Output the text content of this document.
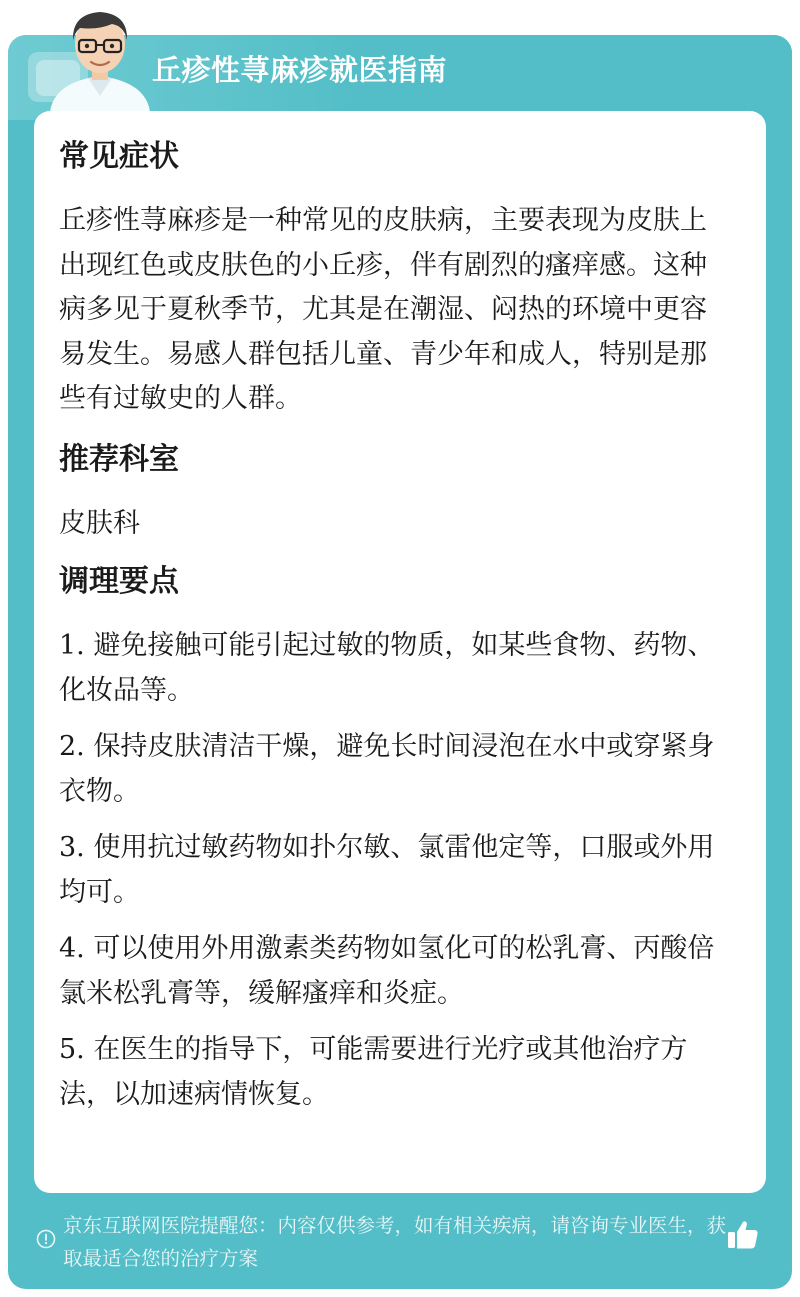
丘疹性荨麻疹就医指南
常见症状

丘疹性荨麻疹是一种常见的皮肤病，主要表现为皮肤上出现红色或皮肤色的小丘疹，伴有剧烈的瘙痒感。这种病多见于夏秋季节，尤其是在潮湿、闷热的环境中更容易发生。易感人群包括儿童、青少年和成人，特别是那些有过敏史的人群。

推荐科室

皮肤科

调理要点

1. 避免接触可能引起过敏的物质，如某些食物、药物、化妆品等。

2. 保持皮肤清洁干燥，避免长时间浸泡在水中或穿紧身衣物。

3. 使用抗过敏药物如扑尔敏、氯雷他定等，口服或外用均可。

4. 可以使用外用激素类药物如氢化可的松乳膏、丙酸倍氯米松乳膏等，缓解瘙痒和炎症。

5. 在医生的指导下，可能需要进行光疗或其他治疗方法，以加速病情恢复。

京东互联网医院提醒您：内容仅供参考，如有相关疾病，请咨询专业医生，获取最适合您的治疗方案
